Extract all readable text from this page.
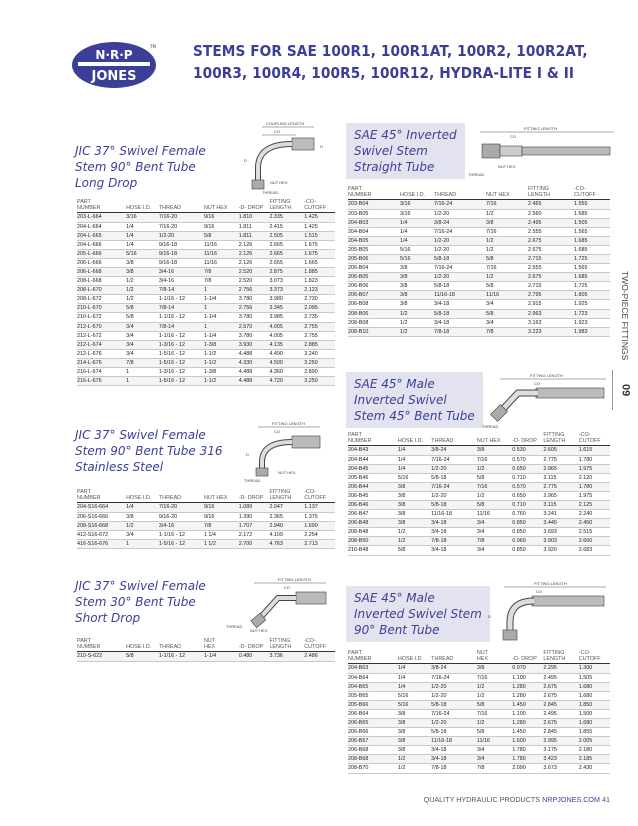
N·R·P
JONES
TM STEMS FOR SAE 100R1, 100R1AT, 100R2, 100R2AT,
100R3, 100R4, 100R5, 100R12, HYDRA-LITE I & II
TWO-PIECE FITTINGS
09
JIC 37° Swivel Female
Stem 90° Bent Tube
Long Drop
COUPLING LENGTH
CO
NUT HEX
THREAD
D
H
PART
NUMBER	HOSE I.D.	THREAD	NUT HEX	-D- DROP	FITTING
LENGTH	-CO-
CUTOFF
203-L-664	3/16	7/16-20	9/16	1.810	2.335	1.425
204-L-664	1/4	7/16-20	9/16	1.811	2.415	1.425
204-L-665	1/4	1/2-20	5/8	1.811	2.505	1.515
204-L-666	1/4	9/16-18	11/16	2.126	2.665	1.675
205-L-666	5/16	9/16-18	11/16	2.126	2.665	1.675
206-L-666	3/8	9/16-18	11/16	2.126	2.655	1.665
206-L-668	3/8	3/4-16	7/8	2.520	2.875	1.885
208-L-668	1/2	3/4-16	7/8	2.520	3.073	1.823
208-L-670	1/2	7/8-14	1	2.756	3.373	2.123
208-L-672	1/2	1-1/16 - 12	1-1/4	3.780	3.980	2.730
210-L-670	5/8	7/8-14	1	2.756	3.345	2.095
210-L-672	5/8	1-1/16 - 12	1-1/4	3.780	3.985	2.735
212-L-670	3/4	7/8-14	1	2.570	4.005	2.755
212-L-672	3/4	1-1/16 - 12	1-1/4	3.780	4.005	2.755
212-L-674	3/4	1-3/16 - 12	1-3/8	3.930	4.135	2.885
212-L-676	3/4	1-5/16 - 12	1-1/2	4.488	4.490	3.240
214-L-676	7/8	1-5/16 - 12	1-1/2	4.330	4.500	3.250
216-L-674	1	1-3/16 - 12	1-3/8	4.488	4.360	2.890
216-L-676	1	1-5/16 - 12	1-1/2	4.488	4.720	3.250
JIC 37° Swivel Female
Stem 90° Bent Tube 316
Stainless Steel
FITTING LENGTH
CO
NUT HEX
THREAD
D
PART
NUMBER	HOSE I.D.	THREAD	NUT HEX	-D- DROP	FITTING
LENGTH	-CO-
CUTOFF
204-S16-664	1/4	7/16-20	9/16	1.089	2.047	1.137
206-S16-666	3/8	9/16-20	9/16	1.390	2.365	1.375
208-S16-668	1/2	3/4-16	7/8	1.707	2.940	1.690
412-S16-672	3/4	1-1/16 - 12	1 1/4	2.172	4.109	2.254
416-S16-676	1	1-5/16 - 12	1 1/2	2.700	4.763	2.713
JIC 37° Swivel Female
Stem 30° Bent Tube
Short Drop
FITTING LENGTH
CO
NUT HEX
THREAD
PART
NUMBER	HOSE I.D.	THREAD	NUT
HEX	-D- DROP	FITTING
LENGTH	-CO-
CUTOFF
210-S-622	5/8	1-1/16 - 12	1-1/4	0.480	3.736	2.486
SAE 45° Inverted
Swivel Stem
Straight Tube
FITTING LENGTH
CO
NUT HEX
THREAD
PART
NUMBER	HOSE I.D.	THREAD	NUT HEX	FITTING
LENGTH	-CO-
CUTOFF
203-B04	3/16	7/16-24	7/16	2.465	1.555
203-B05	3/16	1/2-20	1/2	2.560	1.685
204-B03	1/4	3/8-24	3/8	2.495	1.505
204-B04	1/4	7/16-24	7/16	2.555	1.565
204-B05	1/4	1/2-20	1/2	2.675	1.685
205-B05	5/16	1/2-20	1/2	2.675	1.685
205-B06	5/16	5/8-18	5/8	2.715	1.725
206-B04	3/8	7/16-24	7/16	2.555	1.565
206-B05	3/8	1/2-20	1/2	2.675	1.685
206-B06	3/8	5/8-18	5/8	2.715	1.725
206-B07	3/8	11/16-18	11/16	2.795	1.805
206-B08	3/8	3/4-18	3/4	2.915	1.925
208-B06	1/2	5/8-18	5/8	2.963	1.723
208-B08	1/2	3/4-18	3/4	3.163	1.923
208-B10	1/2	7/8-18	7/8	3.223	1.983
SAE 45° Male
Inverted Swivel
Stem 45° Bent Tube
FITTING LENGTH
CO
THREAD
PART
NUMBER	HOSE I.D.	THREAD	NUT HEX	-D- DROP	FITTING
LENGTH	-CO-
CUTOFF
204-B43	1/4	3/8-24	3/8	0.530	2.605	1.615
204-B44	1/4	7/16-24	7/16	0.570	2.775	1.780
204-B45	1/4	1/2-20	1/2	0.650	2.965	1.975
205-B46	5/16	5/8-18	5/8	0.710	3.115	2.120
206-B44	3/8	7/16-24	7/16	0.570	2.775	1.780
206-B45	3/8	1/2-20	1/2	0.650	2.965	1.975
206-B46	3/8	5/8-18	5/8	0.710	3.115	2.125
206-B47	3/8	11/16-18	11/16	0.760	3.241	2.240
206-B48	3/8	3/4-18	3/4	0.850	3.445	2.450
208-B48	1/2	3/4-18	3/4	0.850	3.693	2.515
208-B50	1/2	7/8-18	7/8	0.960	3.903	2.660
210-B48	5/8	3/4-18	3/4	0.850	3.920	2.683
SAE 45° Male
Inverted Swivel Stem
90° Bent Tube
FITTING LENGTH
CO
D
PART
NUMBER	HOSE I.D.	THREAD	NUT
HEX	-D- DROP	FITTING
LENGTH	-CO-
CUTOFF
204-B63	1/4	3/8-24	3/8	0.970	2.295	1.300
204-B64	1/4	7/16-24	7/16	1.100	2.495	1.505
204-B65	1/4	1/2-20	1/2	1.280	2.675	1.680
205-B65	5/16	1/2-20	1/2	1.280	2.675	1.680
205-B66	5/16	5/8-18	5/8	1.450	2.845	1.850
206-B64	3/8	7/16-24	7/16	1.100	2.495	1.500
206-B65	3/8	1/2-20	1/2	1.280	2.675	1.680
206-B66	3/8	5/8-18	5/8	1.450	2.845	1.855
206-B67	3/8	11/16-18	11/16	1.600	2.995	2.005
206-B68	3/8	3/4-18	3/4	1.780	3.175	2.180
208-B68	1/2	3/4-18	3/4	1.780	3.423	2.185
208-B70	1/2	7/8-18	7/8	2.090	3.673	2.430
QUALITY HYDRAULIC PRODUCTS NRPJONES.COM 41
